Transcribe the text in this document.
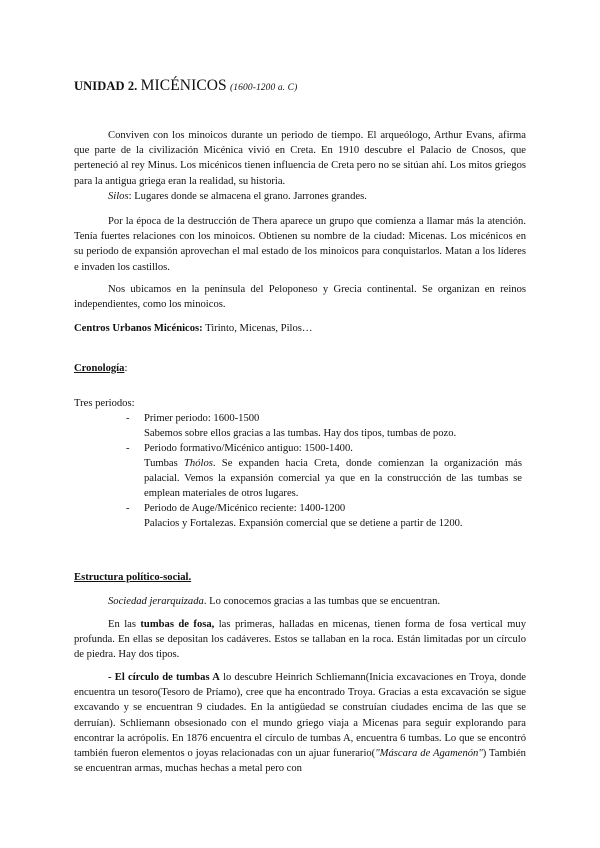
UNIDAD 2. MICÉNICOS (1600-1200 a. C)

Conviven con los minoicos durante un periodo de tiempo. El arqueólogo, Arthur Evans, afirma que parte de la civilización Micénica vivió en Creta. En 1910 descubre el Palacio de Cnosos, que perteneció al rey Minus. Los micénicos tienen influencia de Creta pero no se sitúan ahí. Los mitos griegos para la antigua griega eran la realidad, su historia.

Silos: Lugares donde se almacena el grano. Jarrones grandes.

Por la época de la destrucción de Thera aparece un grupo que comienza a llamar más la atención. Tenía fuertes relaciones con los minoicos. Obtienen su nombre de la ciudad: Micenas. Los micénicos en su periodo de expansión aprovechan el mal estado de los minoicos para conquistarlos. Matan a los líderes e invaden los castillos.

Nos ubicamos en la península del Peloponeso y Grecia continental. Se organizan en reinos independientes, como los minoicos.

Centros Urbanos Micénicos: Tirinto, Micenas, Pilos…

Cronología:

Tres periodos:
- Primer periodo: 1600-1500
Sabemos sobre ellos gracias a las tumbas. Hay dos tipos, tumbas de pozo.
- Periodo formativo/Micénico antiguo: 1500-1400.
Tumbas Thólos. Se expanden hacia Creta, donde comienzan la organización más palacial. Vemos la expansión comercial ya que en la construcción de las tumbas se emplean materiales de otros lugares.
- Periodo de Auge/Micénico reciente: 1400-1200
Palacios y Fortalezas. Expansión comercial que se detiene a partir de 1200.

Estructura político-social.

Sociedad jerarquizada. Lo conocemos gracias a las tumbas que se encuentran.

En las tumbas de fosa, las primeras, halladas en micenas, tienen forma de fosa vertical muy profunda. En ellas se depositan los cadáveres. Estos se tallaban en la roca. Están limitadas por un círculo de piedra. Hay dos tipos.

- El círculo de tumbas A lo descubre Heinrich Schliemann(Inicia excavaciones en Troya, donde encuentra un tesoro(Tesoro de Príamo), cree que ha encontrado Troya. Gracias a esta excavación se sigue excavando y se encuentran 9 ciudades. En la antigüedad se construían ciudades encima de las que se derruían). Schliemann obsesionado con el mundo griego viaja a Micenas para seguir explorando para encontrar la acrópolis. En 1876 encuentra el círculo de tumbas A, encuentra 6 tumbas. Lo que se encontró también fueron elementos o joyas relacionadas con un ajuar funerario("Máscara de Agamenón") También se encuentran armas, muchas hechas a metal pero con
